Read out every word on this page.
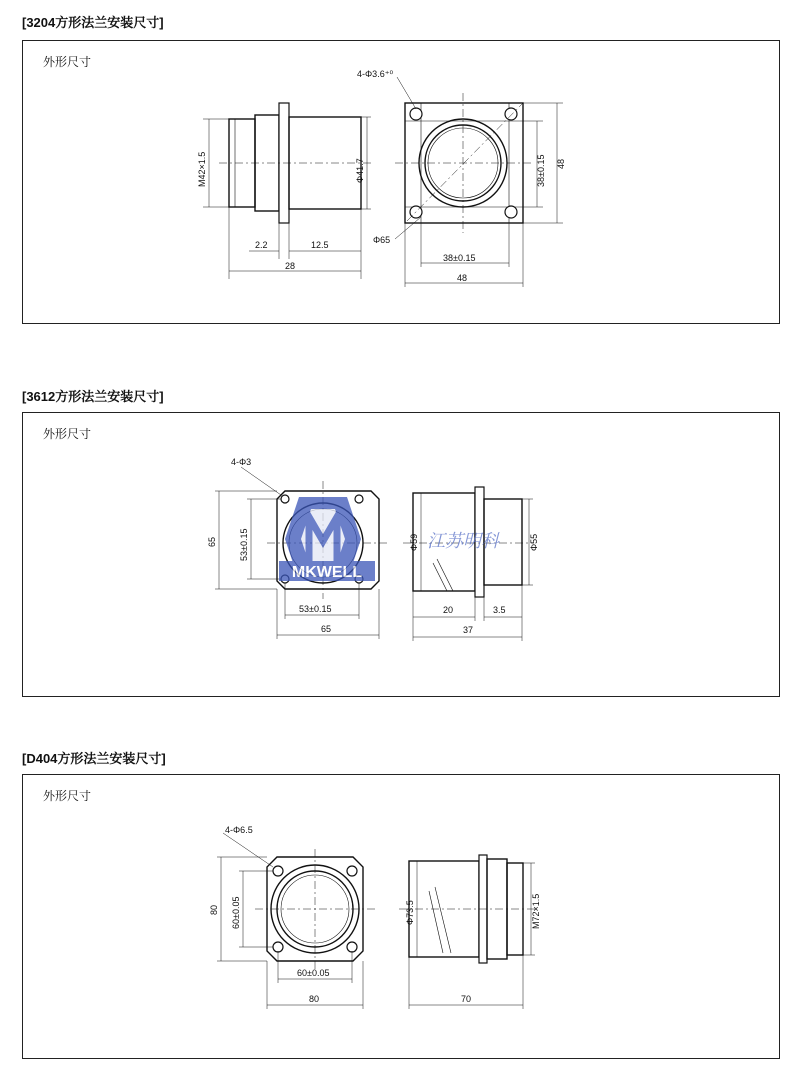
[3204方形法兰安装尺寸]
外形尺寸
M42×1.5	Φ41.7
2.2	12.5
28
4-Φ3.6⁺⁰
Φ65
38±0.15 48
38±0.15
48
[3612方形法兰安装尺寸]
外形尺寸
4-Φ3
65 53±0.15
53±0.15
65
Φ59	Φ55
20	3.5
37
MKWELL
江苏明科
[D404方形法兰安装尺寸]
外形尺寸
4-Φ6.5
80 60±0.05
60±0.05
80
Φ73.5	M72×1.5
70
